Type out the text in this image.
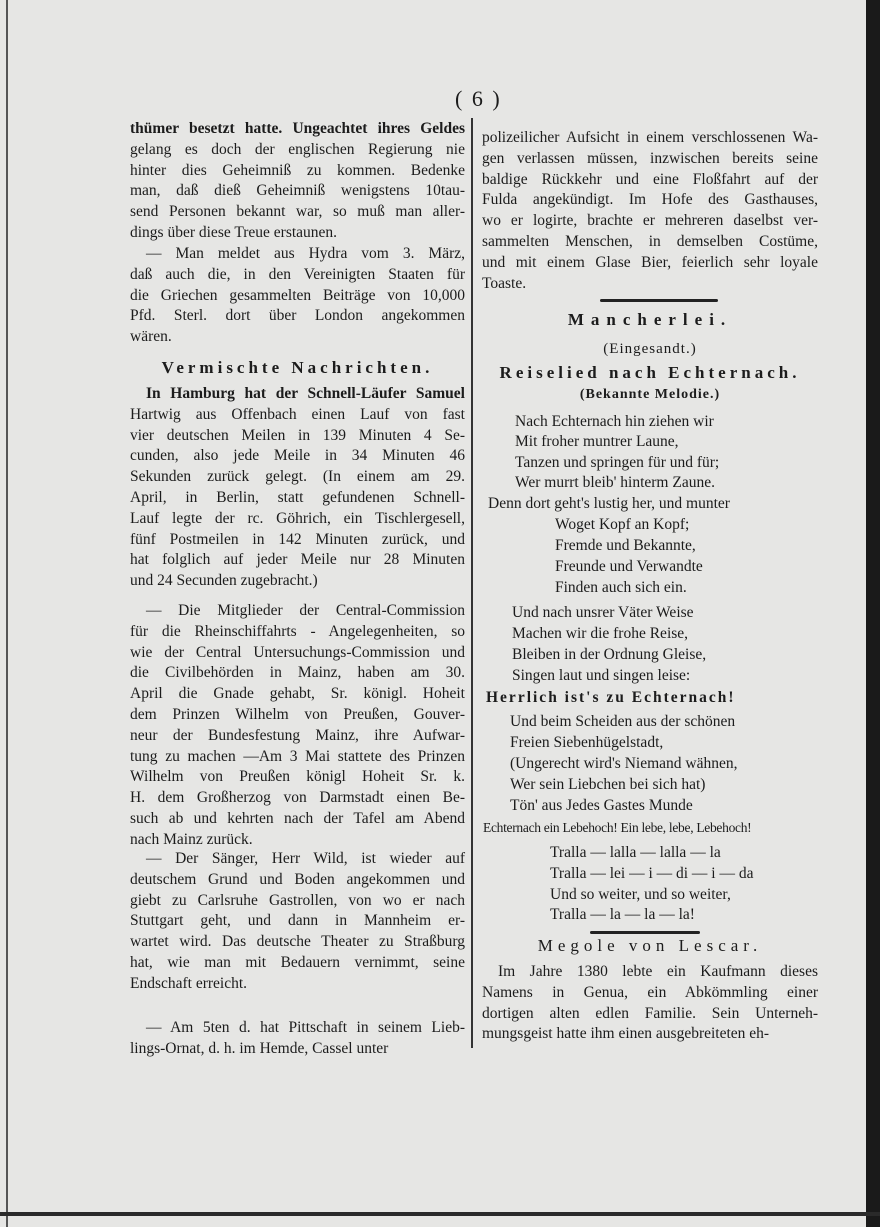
( 6 )
thümer besetzt hatte. Ungeachtet ihres Geldes
gelang es doch der englischen Regierung nie
hinter dies Geheimniß zu kommen. Bedenke
man, daß dieß Geheimniß wenigstens 10tau-
send Personen bekannt war, so muß man aller-
dings über diese Treue erstaunen.
— Man meldet aus Hydra vom 3. März,
daß auch die, in den Vereinigten Staaten für
die Griechen gesammelten Beiträge von 10,000
Pfd. Sterl. dort über London angekommen
wären.
In Hamburg hat der Schnell-Läufer Samuel
Hartwig aus Offenbach einen Lauf von fast
vier deutschen Meilen in 139 Minuten 4 Se-
cunden, also jede Meile in 34 Minuten 46
Sekunden zurück gelegt. (In einem am 29.
April, in Berlin, statt gefundenen Schnell-
Lauf legte der rc. Göhrich, ein Tischlergesell,
fünf Postmeilen in 142 Minuten zurück, und
hat folglich auf jeder Meile nur 28 Minuten
und 24 Secunden zugebracht.)
— Die Mitglieder der Central-Commission
für die Rheinschiffahrts - Angelegenheiten, so
wie der Central Untersuchungs-Commission und
die Civilbehörden in Mainz, haben am 30.
April die Gnade gehabt, Sr. königl. Hoheit
dem Prinzen Wilhelm von Preußen, Gouver-
neur der Bundesfestung Mainz, ihre Aufwar-
tung zu machen —Am 3 Mai stattete des Prinzen
Wilhelm von Preußen königl Hoheit Sr. k.
H. dem Großherzog von Darmstadt einen Be-
such ab und kehrten nach der Tafel am Abend
nach Mainz zurück.
— Der Sänger, Herr Wild, ist wieder auf
deutschem Grund und Boden angekommen und
giebt zu Carlsruhe Gastrollen, von wo er nach
Stuttgart geht, und dann in Mannheim er-
wartet wird. Das deutsche Theater zu Straßburg
hat, wie man mit Bedauern vernimmt, seine
Endschaft erreicht.
— Am 5ten d. hat Pittschaft in seinem Lieb-
lings-Ornat, d. h. im Hemde, Cassel unter
polizeilicher Aufsicht in einem verschlossenen Wa-
gen verlassen müssen, inzwischen bereits seine
baldige Rückkehr und eine Floßfahrt auf der
Fulda angekündigt. Im Hofe des Gasthauses,
wo er logirte, brachte er mehreren daselbst ver-
sammelten Menschen, in demselben Costüme,
und mit einem Glase Bier, feierlich sehr loyale
Toaste.
Im Jahre 1380 lebte ein Kaufmann dieses
Namens in Genua, ein Abkömmling einer
dortigen alten edlen Familie. Sein Unterneh-
mungsgeist hatte ihm einen ausgebreiteten eh-
Nach Echternach hin ziehen wir
Mit froher muntrer Laune,
Tanzen und springen für und für;
Wer murrt bleib' hinterm Zaune.
Denn dort geht's lustig her, und munter
Woget Kopf an Kopf;
Fremde und Bekannte,
Freunde und Verwandte
Finden auch sich ein.
Und nach unsrer Väter Weise
Machen wir die frohe Reise,
Bleiben in der Ordnung Gleise,
Singen laut und singen leise:
Herrlich ist's zu Echternach!
Und beim Scheiden aus der schönen
Freien Siebenhügelstadt,
(Ungerecht wird's Niemand wähnen,
Wer sein Liebchen bei sich hat)
Tön' aus Jedes Gastes Munde
Echternach ein Lebehoch! Ein lebe, lebe, Lebehoch!
Tralla — lalla — lalla — la
Tralla — lei — i — di — i — da
Und so weiter, und so weiter,
Tralla — la — la — la!
Vermischte Nachrichten.
Mancherlei.
(Eingesandt.)
Reiselied nach Echternach.
(Bekannte Melodie.)
Megole von Lescar.
